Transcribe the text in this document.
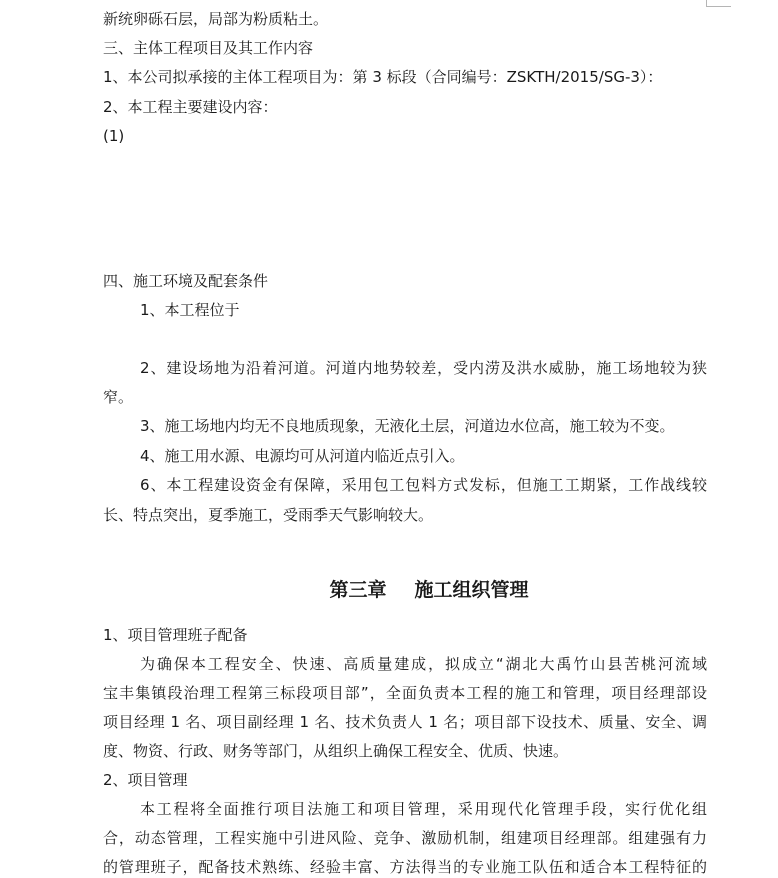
新统卵砾石层，局部为粉质粘土。
三、主体工程项目及其工作内容
1、本公司拟承接的主体工程项目为：第 3 标段（合同编号：ZSKTH/2015/SG-3）：
2、本工程主要建设内容：
(1)
四、施工环境及配套条件
1、本工程位于
2、建设场地为沿着河道。河道内地势较差，受内涝及洪水威胁，施工场地较为狭
窄。
3、施工场地内均无不良地质现象，无液化土层，河道边水位高，施工较为不变。
4、施工用水源、电源均可从河道内临近点引入。
6、本工程建设资金有保障，采用包工包料方式发标，但施工工期紧，工作战线较
长、特点突出，夏季施工，受雨季天气影响较大。
第三章 施工组织管理
1、项目管理班子配备
为确保本工程安全、快速、高质量建成，拟成立“湖北大禹竹山县苦桃河流域
宝丰集镇段治理工程第三标段项目部”，全面负责本工程的施工和管理，项目经理部设
项目经理 1 名、项目副经理 1 名、技术负责人 1 名；项目部下设技术、质量、安全、调
度、物资、行政、财务等部门，从组织上确保工程安全、优质、快速。
2、项目管理
本工程将全面推行项目法施工和项目管理，采用现代化管理手段，实行优化组
合，动态管理，工程实施中引进风险、竞争、激励机制，组建项目经理部。组建强有力
的管理班子，配备技术熟练、经验丰富、方法得当的专业施工队伍和适合本工程特征的
